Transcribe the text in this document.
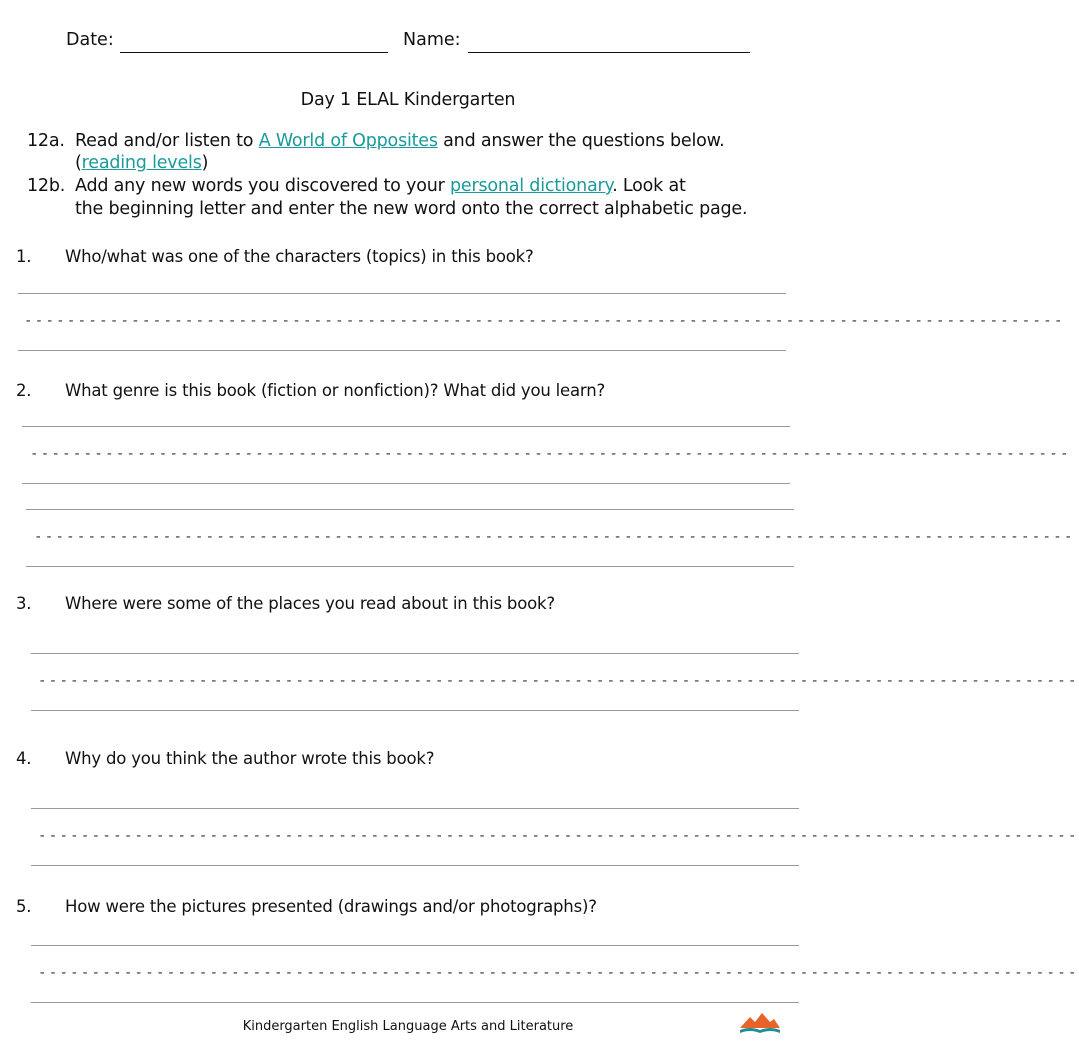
Date:	Name:
Day 1 ELAL Kindergarten
12a. Read and/or listen to A World of Opposites and answer the questions below.
(reading levels)
12b. Add any new words you discovered to your personal dictionary. Look at
the beginning letter and enter the new word onto the correct alphabetic page.
1. Who/what was one of the characters (topics) in this book?
-------------------------------------------------------------------------------------------------
2. What genre is this book (fiction or nonfiction)? What did you learn?
-------------------------------------------------------------------------------------------------
-------------------------------------------------------------------------------------------------
3. Where were some of the places you read about in this book?
-------------------------------------------------------------------------------------------------
4. Why do you think the author wrote this book?
-------------------------------------------------------------------------------------------------
5. How were the pictures presented (drawings and/or photographs)?
-------------------------------------------------------------------------------------------------
Kindergarten English Language Arts and Literature
